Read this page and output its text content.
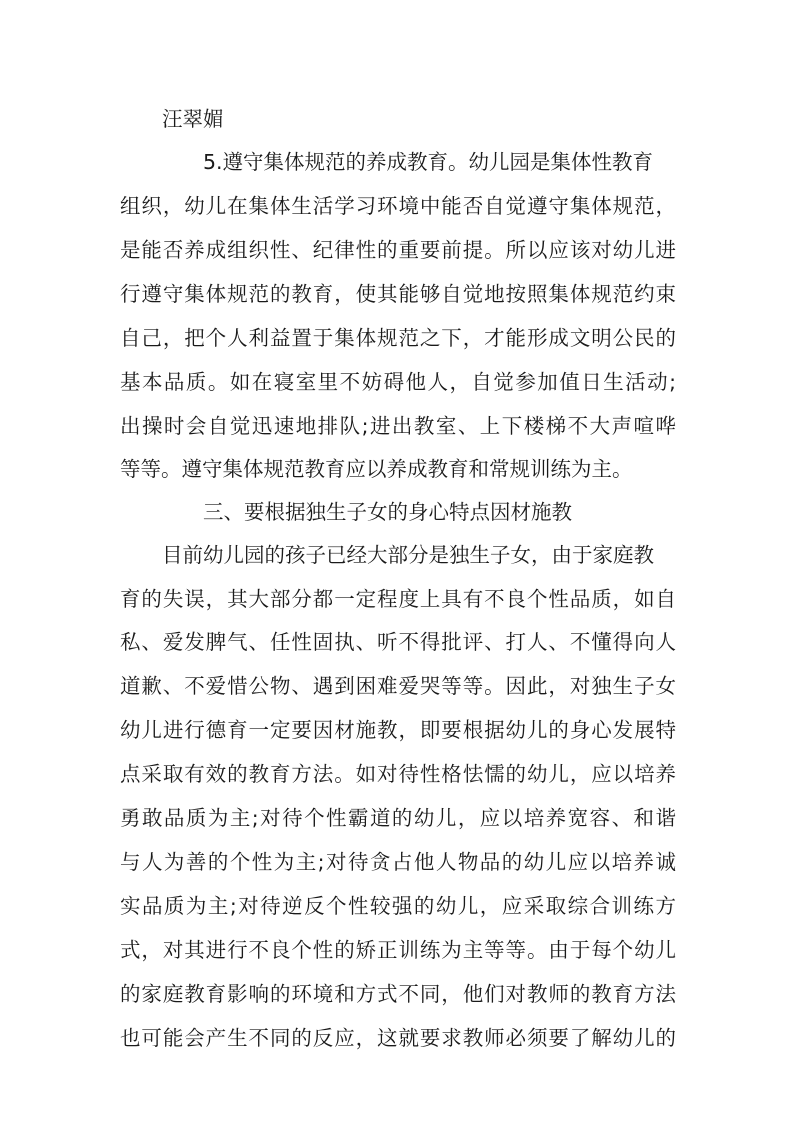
汪翠媚
5.遵守集体规范的养成教育。幼儿园是集体性教育
组织，幼儿在集体生活学习环境中能否自觉遵守集体规范，
是能否养成组织性、纪律性的重要前提。所以应该对幼儿进
行遵守集体规范的教育，使其能够自觉地按照集体规范约束
自己，把个人利益置于集体规范之下，才能形成文明公民的
基本品质。如在寝室里不妨碍他人，自觉参加值日生活动;
出操时会自觉迅速地排队;进出教室、上下楼梯不大声喧哗
等等。遵守集体规范教育应以养成教育和常规训练为主。
三、要根据独生子女的身心特点因材施教
目前幼儿园的孩子已经大部分是独生子女，由于家庭教
育的失误，其大部分都一定程度上具有不良个性品质，如自
私、爱发脾气、任性固执、听不得批评、打人、不懂得向人
道歉、不爱惜公物、遇到困难爱哭等等。因此，对独生子女
幼儿进行德育一定要因材施教，即要根据幼儿的身心发展特
点采取有效的教育方法。如对待性格怯懦的幼儿，应以培养
勇敢品质为主;对待个性霸道的幼儿，应以培养宽容、和谐
与人为善的个性为主;对待贪占他人物品的幼儿应以培养诚
实品质为主;对待逆反个性较强的幼儿，应采取综合训练方
式，对其进行不良个性的矫正训练为主等等。由于每个幼儿
的家庭教育影响的环境和方式不同，他们对教师的教育方法
也可能会产生不同的反应，这就要求教师必须要了解幼儿的
